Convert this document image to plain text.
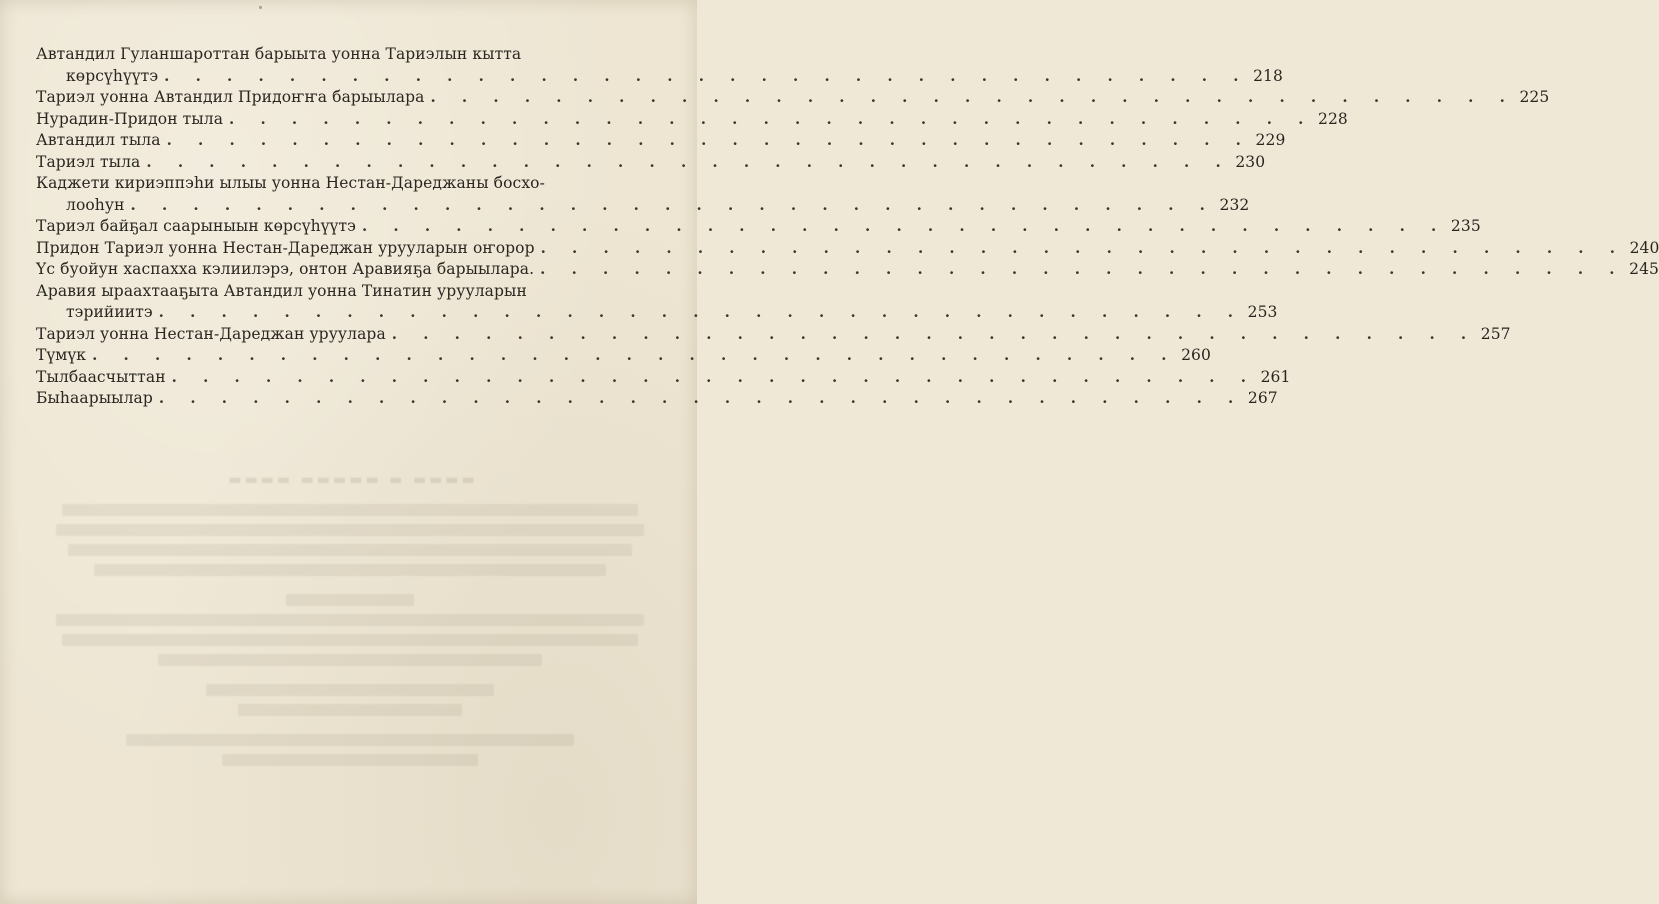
▬▬▬▬ ▬ ▬▬▬▬▬ ▬▬▬▬
Автандил Гуланшароттан барыыта уонна Тариэлын кытта
көрсүһүүтэ . . . . . . . . . . . . . . . . . . . . . . . . . . . . . . . . . . . 218
Тариэл уонна Автандил Придоҥҥа барыылара . . . . . . . . . . . . . . . . . . . . . . . . . . . . . . . . . . . 225
Нурадин-Придон тыла . . . . . . . . . . . . . . . . . . . . . . . . . . . . . . . . . . . 228
Автандил тыла . . . . . . . . . . . . . . . . . . . . . . . . . . . . . . . . . . . 229
Тариэл тыла . . . . . . . . . . . . . . . . . . . . . . . . . . . . . . . . . . . 230
Каджети кириэппэһи ылыы уонна Нестан-Дареджаны босхо-
лооһун . . . . . . . . . . . . . . . . . . . . . . . . . . . . . . . . . . . 232
Тариэл байҕал саарыныын көрсүһүүтэ . . . . . . . . . . . . . . . . . . . . . . . . . . . . . . . . . . . 235
Придон Тариэл уонна Нестан-Дареджан урууларын оҥорор . . . . . . . . . . . . . . . . . . . . . . . . . . . . . . . . . . . 240
Үс буойун хаспахха кэлиилэрэ, онтон Аравияҕа барыылара. . . . . . . . . . . . . . . . . . . . . . . . . . . . . . . . . . . . 245
Аравия ыраахтааҕыта Автандил уонна Тинатин урууларын
тэрийиитэ . . . . . . . . . . . . . . . . . . . . . . . . . . . . . . . . . . . 253
Тариэл уонна Нестан-Дареджан уруулара . . . . . . . . . . . . . . . . . . . . . . . . . . . . . . . . . . . 257
Түмүк . . . . . . . . . . . . . . . . . . . . . . . . . . . . . . . . . . . 260
Тылбаасчыттан . . . . . . . . . . . . . . . . . . . . . . . . . . . . . . . . . . . 261
Быһаарыылар . . . . . . . . . . . . . . . . . . . . . . . . . . . . . . . . . . . 267
